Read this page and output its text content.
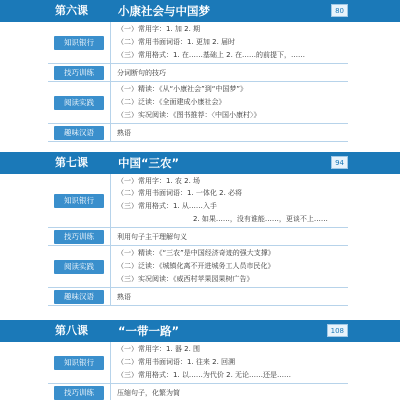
第六课	小康社会与中国梦	80
知识银行
（一）常用字：1. 加 2. 期
（二）常用书面词语：1. 更加 2. 届时
（三）常用格式：1. 在……基础上 2. 在……的前提下，……
技巧训练	分词断句的技巧
阅读实践
（一）精读：《从“小康社会”到“中国梦”》
（二）泛读：《全面建成小康社会》
（三）实况阅读：《图书推荐：〈中国小康村〉》
趣味汉语	熟语
第七课	中国“三农”	94
知识银行
（一）常用字：1. 农 2. 场
（二）常用书面词语：1. 一体化 2. 必将
（三）常用格式：1. 从……入手
2. 如果……，没有谁能……，更谈不上……
技巧训练	利用句子主干理解句义
阅读实践
（一）精读：《“三农”是中国经济奇迹的强大支撑》
（二）泛读：《城镇化离不开进城务工人员市民化》
（三）实况阅读：《威西村苹果园果树广告》
趣味汉语	熟语
第八课	“一带一路”	108
知识银行
（一）常用字：1. 器 2. 围
（二）常用书面词语：1. 往来 2. 回溯
（三）常用格式：1. 以……为代价 2. 无论……还是……
技巧训练	压缩句子，化繁为简
